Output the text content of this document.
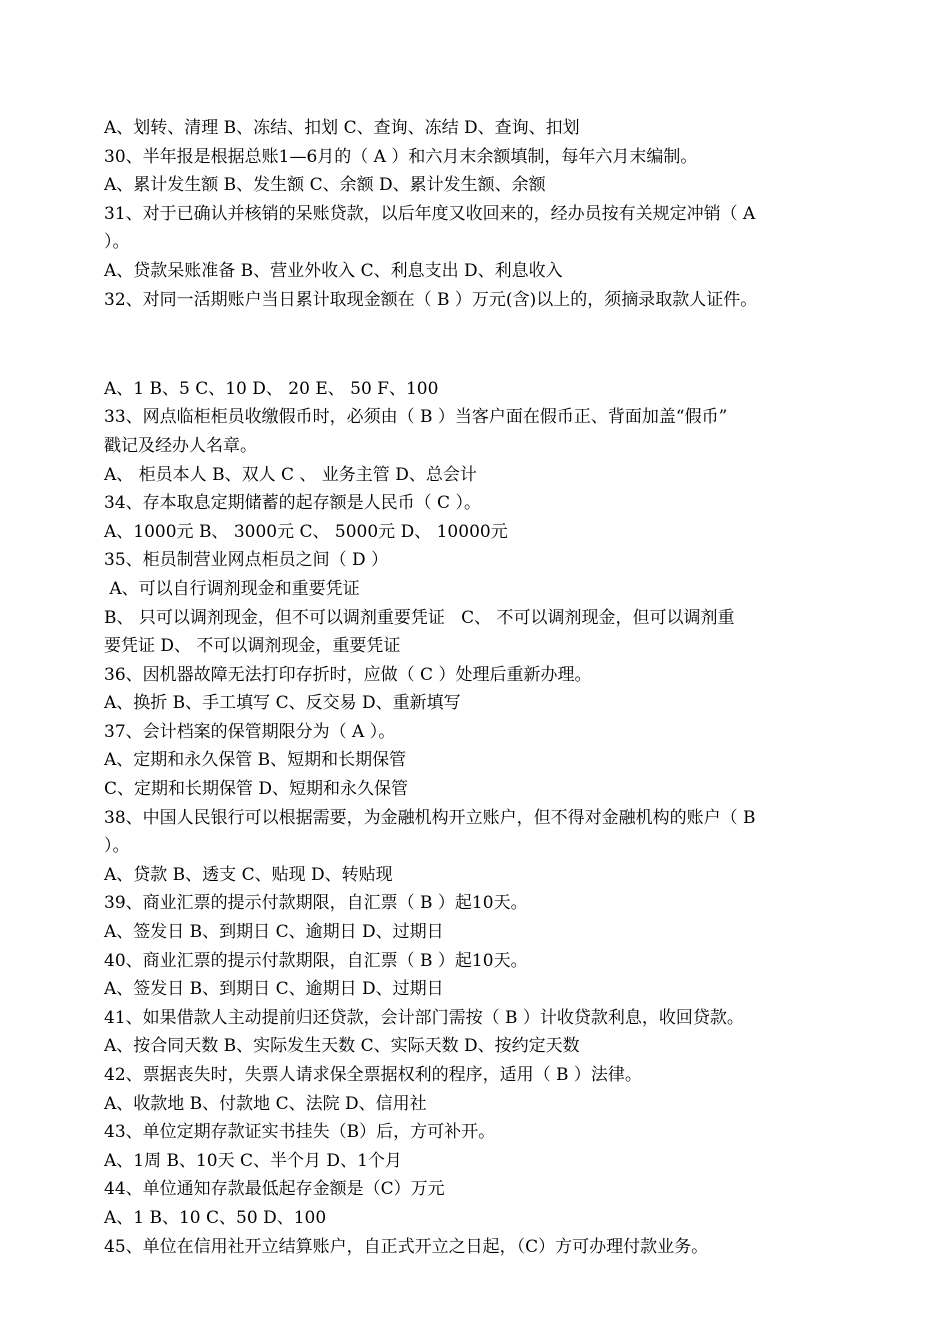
A、划转、清理 B、冻结、扣划 C、查询、冻结 D、查询、扣划

30、半年报是根据总账1—6月的（ A ）和六月末余额填制，每年六月末编制。

A、累计发生额 B、发生额 C、余额 D、累计发生额、余额

31、对于已确认并核销的呆账贷款，以后年度又收回来的，经办员按有关规定冲销（ A

）。

A、贷款呆账准备 B、营业外收入 C、利息支出 D、利息收入

32、对同一活期账户当日累计取现金额在（ B ）万元(含)以上的，须摘录取款人证件。

A、1 B、5 C、10 D、 20 E、 50 F、100

33、网点临柜柜员收缴假币时，必须由（ B ）当客户面在假币正、背面加盖“假币”

戳记及经办人名章。

A、 柜员本人 B、双人 C 、 业务主管 D、总会计

34、存本取息定期储蓄的起存额是人民币（ C ）。

A、1000元 B、 3000元 C、 5000元 D、 10000元

35、柜员制营业网点柜员之间（ D ）

A、可以自行调剂现金和重要凭证

B、 只可以调剂现金，但不可以调剂重要凭证   C、 不可以调剂现金，但可以调剂重

要凭证 D、 不可以调剂现金，重要凭证

36、因机器故障无法打印存折时，应做（ C ）处理后重新办理。

A、换折 B、手工填写 C、反交易 D、重新填写

37、会计档案的保管期限分为（ A ）。

A、定期和永久保管 B、短期和长期保管

C、定期和长期保管 D、短期和永久保管

38、中国人民银行可以根据需要，为金融机构开立账户，但不得对金融机构的账户（ B

）。

A、贷款 B、透支 C、贴现 D、转贴现

39、商业汇票的提示付款期限，自汇票（ B ）起10天。

A、签发日 B、到期日 C、逾期日 D、过期日

40、商业汇票的提示付款期限，自汇票（ B ）起10天。

A、签发日 B、到期日 C、逾期日 D、过期日

41、如果借款人主动提前归还贷款，会计部门需按（ B ）计收贷款利息，收回贷款。

A、按合同天数 B、实际发生天数 C、实际天数 D、按约定天数

42、票据丧失时，失票人请求保全票据权利的程序，适用（ B ）法律。

A、收款地 B、付款地 C、法院 D、信用社

43、单位定期存款证实书挂失（B）后，方可补开。

A、1周 B、10天 C、半个月 D、1个月

44、单位通知存款最低起存金额是（C）万元

A、1 B、10 C、50 D、100

45、单位在信用社开立结算账户，自正式开立之日起，（C）方可办理付款业务。
